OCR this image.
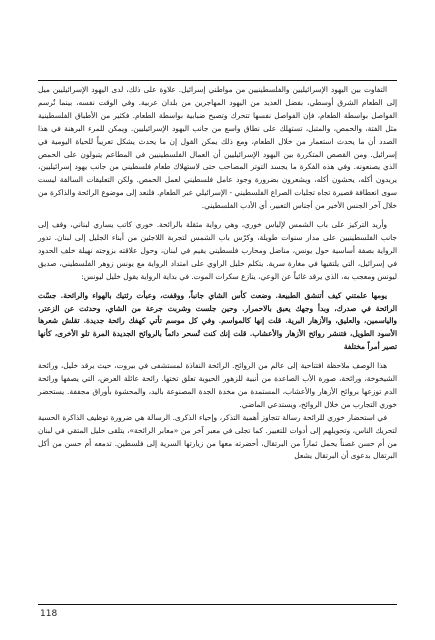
التفاوت بين اليهود الإسرائيليين والفلسطينيين من مواطني إسرائيل. علاوة على ذلك، لدى اليهود الإسرائيليين ميل إلى الطعام الشرق أوسطي، بفضل العديد من اليهود المهاجرين من بلدان عربية. وفي الوقت نفسه، بينما تُرسم الفواصل بواسطة الطعام، فإن الفواصل نفسها تتحرك وتصبح ضبابية بواسطة الطعام. فكثير من الأطباق الفلسطينية مثل الفتة، والحمص، والمتبل، تستهلك على نطاق واسع من جانب اليهود الإسرائيليين. ويمكن للمرء البرهنة في هذا الصدد أن ما يحدث استعمار من خلال الطعام، ومع ذلك يمكن القول إن ما يحدث يشكل تعريباً للحياة اليومية في إسرائيل. ومن القصص المتكررة بين اليهود الإسرائيليين أن العمال الفلسطينيين في المطاعم يتبولون على الحمص الذي يصنعونه. وفي هذه الفكرة ما يجسد التوتر المصاحب حتى لاستهلاك طعام فلسطيني من جانب يهود إسرائيليين، يريدون أكله، يحشون أكله، ويشعرون بضرورة وجود عامل فلسطيني لعمل الحمص. ولكن التعليقات السالفة ليست سوى انعطافة قصيرة تجاه تجليات الصراع الفلسطيني - الإسرائيلي عبر الطعام. فلنعد إلى موضوع الرائحة والذاكرة من خلال آخر الجنس الأخير من أجناس التعبير، أي الأدب الفلسطيني.

وأريد التركيز على باب الشمس لإلياس خوري، وهي رواية مثقلة بالرائحة. خوري كاتب يساري لبناني، وقف إلى جانب الفلسطينيين على مدار سنوات طويلة، وكرّس باب الشمس لتجربة اللاجئين من أبناء الجليل إلى لبنان. تدور الرواية بصفة أساسية حول يونس، مناضل ومحارب فلسطيني يقيم في لبنان، وحول علاقته بزوجته نهيلة خلف الحدود في إسرائيل، التي يلتقيها في مغارة سرية. يتكلم خليل الراوي على امتداد الرواية مع يونس زوهر الفلسطيني، صديق ليونس ومعجب به، الذي يرقد غائباً عن الوعي، ينازع سكرات الموت. في بداية الرواية يقول خليل ليونس:

يومها علمتني كيف أتنشق الطبيعة. وضعت كأس الشاي جانباً، ووقفت، وعبأت رئتيك بالهواء والرائحة. جسّت الرائحة في صدرك، وبدأ وجهك يعبق بالاحمرار. وحين جلست وشربت جرعة من الشاي، وحدثت عن الزعتر، والياسمين، والعليق، والأزهار البرية. قلت إنها كالمواسم. وفي كل موسم تأتي كهفك رائحة جديدة. تقلش شعرها الأسود الطويل، فتنشر روائح الأزهار والأعشاب. قلت إنك كنت تُسحر دائماً بالروائح الجديدة المرة تلو الأخرى، كأنها تصير أمراً مختلفة

هذا الوصف ملاحظة افتتاحية إلى عالم من الروائح. الرائحة النفاذة لمستشفى في بيروت، حيث يرقد خليل، ورائحة الشيخوخة، ورائحة، صورة الأب الصاعدة من أنبية للزهور الحيوية تعلق تختها. رائحة عائلة العرض، التي يصفها ورائحة الدم توزعها بروائح الأزهار والأعشاب، المستمدة من مخدة الجدة المصنوعة باليد، والمحشوة بأوراق مجففة. يستحضر خوري التجارب من خلال الروائح، ويستدعي الماضي.

في استحضار خوري للرائحة رسالة تتجاوز أهمية التذكر، وإحياء الذكرى. الرسالة هي ضرورة توظيف الذاكرة الحسية لتحريك الناس، وتحويلهم إلى أدوات للتغيير. كما تجلى في معبر آخر من «معابر الرائحة»، يتلقى خليل المتقي في لبنان من أم حسن غصناً يحمل ثماراً من البرتقال، أحضرته معها من زيارتها السرية إلى فلسطين. تدمعه أم حسن من أكل البرتقال بدعوى أن البرتقال يشعل

118
